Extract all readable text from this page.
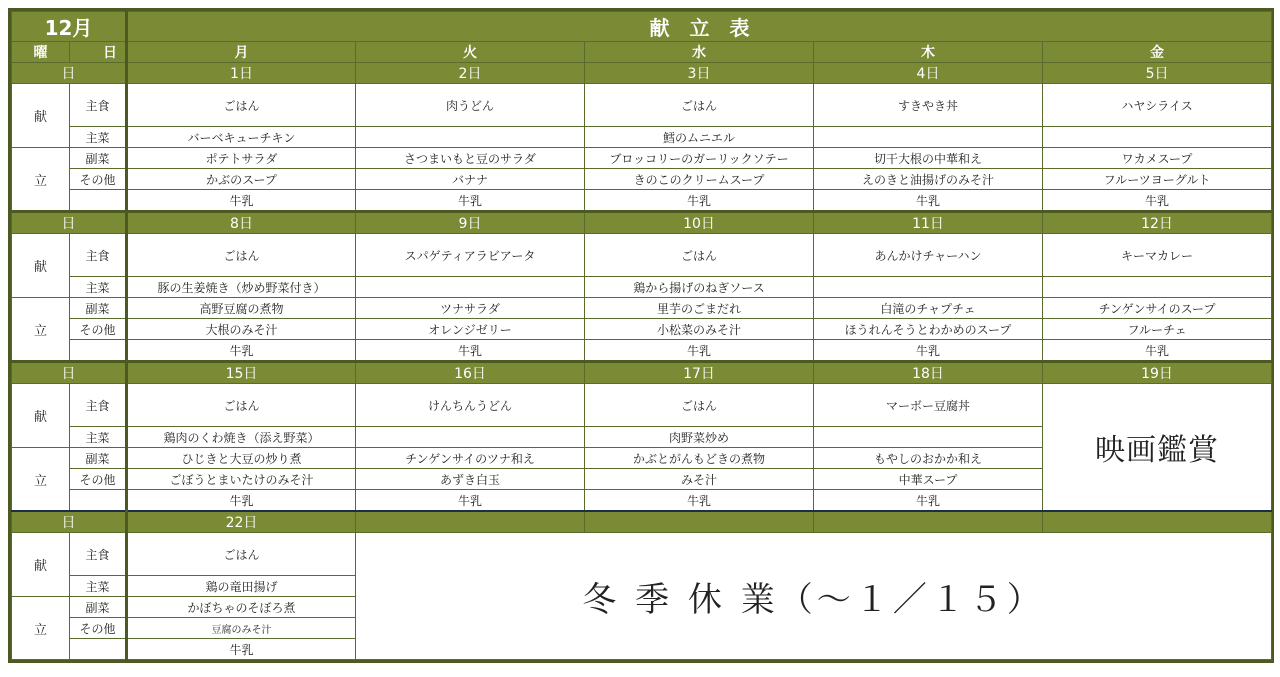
12月		献　立　表				
曜	日	月	火	水	木	金
日		1日	2日	3日	4日	5日
献	主食	ごはん	肉うどん	ごはん	すきやき丼	ハヤシライス
	主菜	バーベキューチキン		鱈のムニエル		
立	副菜	ポテトサラダ	さつまいもと豆のサラダ	ブロッコリーのガーリックソテー	切干大根の中華和え	ワカメスープ
	その他	かぶのスープ	バナナ	きのこのクリームスープ	えのきと油揚げのみそ汁	フルーツヨーグルト
		牛乳	牛乳	牛乳	牛乳	牛乳
日		8日	9日	10日	11日	12日
献	主食	ごはん	スパゲティアラビアータ	ごはん	あんかけチャーハン	キーマカレー
	主菜	豚の生姜焼き（炒め野菜付き）		鶏から揚げのねぎソース		
立	副菜	高野豆腐の煮物	ツナサラダ	里芋のごまだれ	白滝のチャプチェ	チンゲンサイのスープ
	その他	大根のみそ汁	オレンジゼリー	小松菜のみそ汁	ほうれんそうとわかめのスープ	フルーチェ
		牛乳	牛乳	牛乳	牛乳	牛乳
日		15日	16日	17日	18日	19日
献	主食	ごはん	けんちんうどん	ごはん	マーボー豆腐丼	映画鑑賞
	主菜	鶏肉のくわ焼き（添え野菜）		肉野菜炒め		
立	副菜	ひじきと大豆の炒り煮	チンゲンサイのツナ和え	かぶとがんもどきの煮物	もやしのおかか和え	
	その他	ごぼうとまいたけのみそ汁	あずき白玉	みそ汁	中華スープ	
		牛乳	牛乳	牛乳	牛乳	
日		22日				
献	主食	ごはん	冬 季 休 業（～１／１５）			
	主菜	鶏の竜田揚げ				
立	副菜	かぼちゃのそぼろ煮				
	その他	豆腐のみそ汁				
		牛乳				
